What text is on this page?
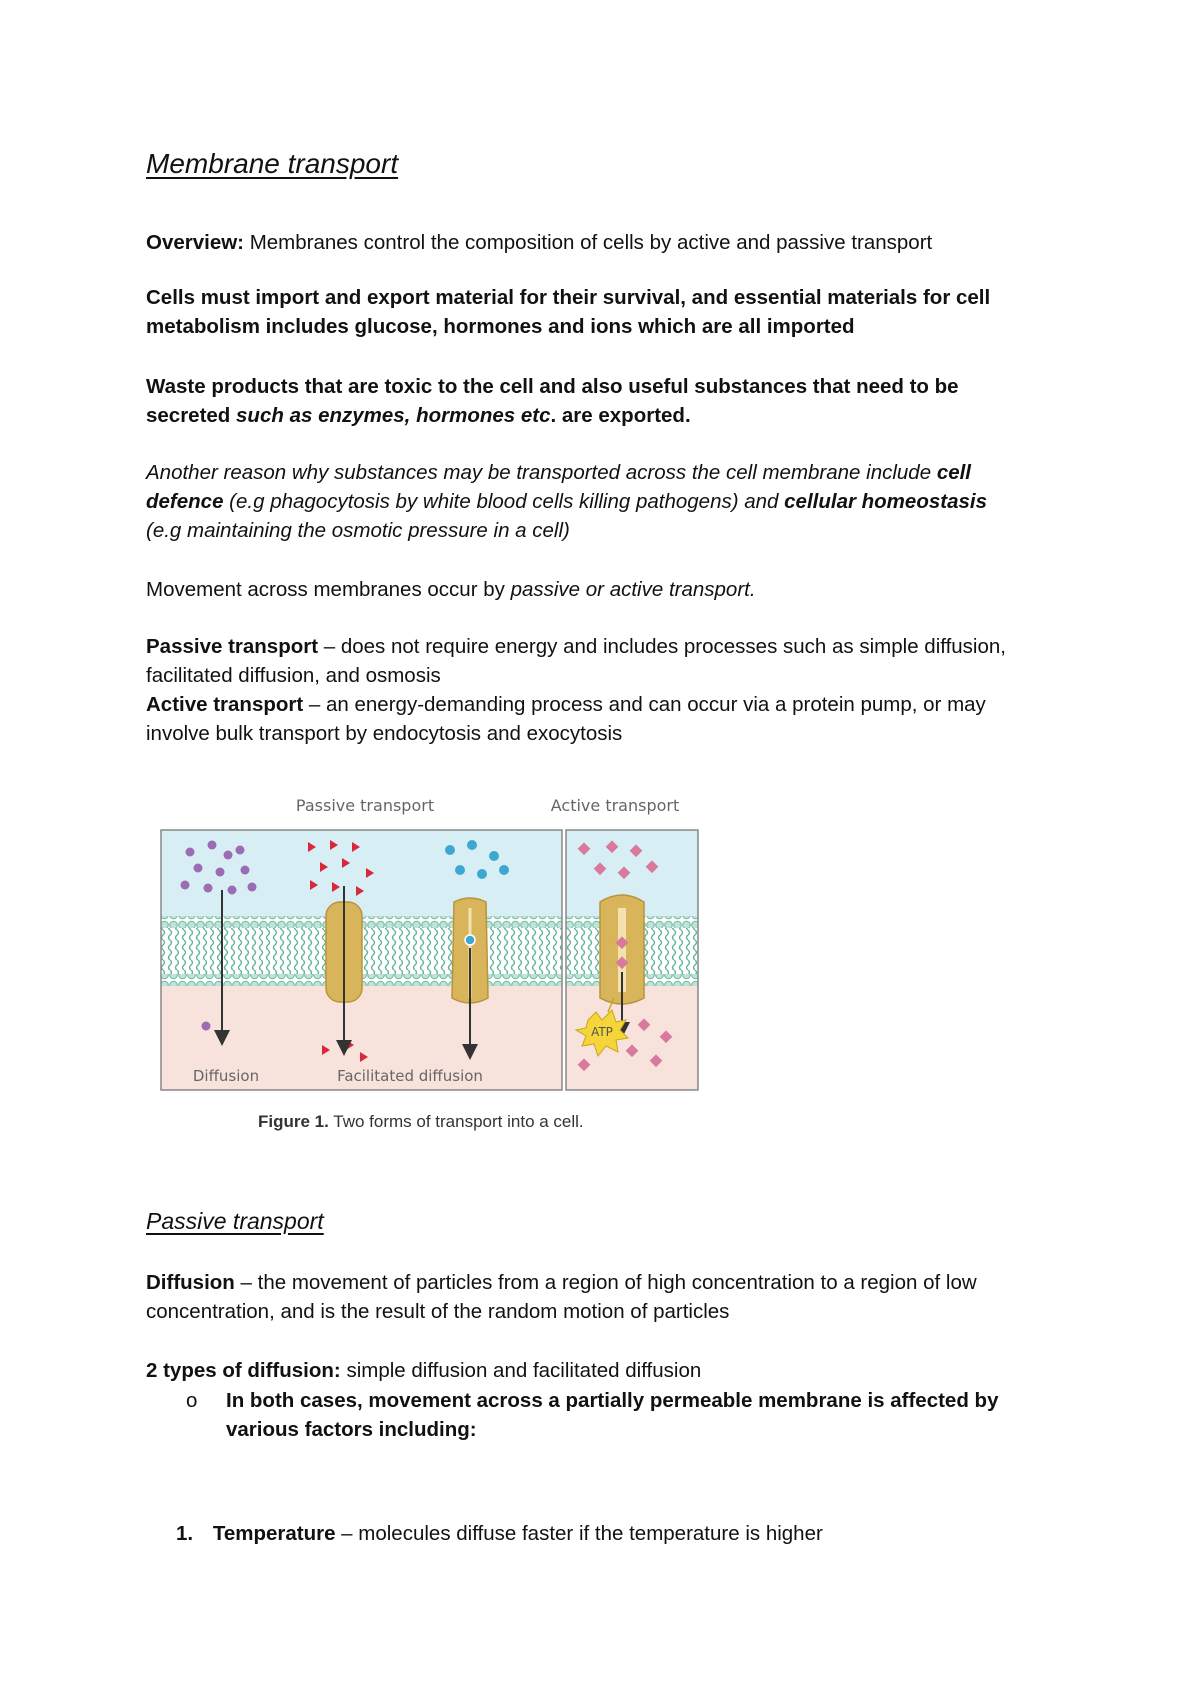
Membrane transport
Overview: Membranes control the composition of cells by active and passive transport
Cells must import and export material for their survival, and essential materials for cell
metabolism includes glucose, hormones and ions which are all imported
Waste products that are toxic to the cell and also useful substances that need to be
secreted such as enzymes, hormones etc. are exported.
Another reason why substances may be transported across the cell membrane include cell
defence (e.g phagocytosis by white blood cells killing pathogens) and cellular homeostasis
(e.g maintaining the osmotic pressure in a cell)
Movement across membranes occur by passive or active transport.
Passive transport – does not require energy and includes processes such as simple diffusion,
facilitated diffusion, and osmosis
Active transport – an energy-demanding process and can occur via a protein pump, or may
involve bulk transport by endocytosis and exocytosis
Passive transport	Active transport
ATP
Diffusion	Facilitated diffusion
Figure 1. Two forms of transport into a cell.
Passive transport
Diffusion – the movement of particles from a region of high concentration to a region of low
concentration, and is the result of the random motion of particles
2 types of diffusion: simple diffusion and facilitated diffusion
o In both cases, movement across a partially permeable membrane is affected by
various factors including:
1. Temperature – molecules diffuse faster if the temperature is higher
